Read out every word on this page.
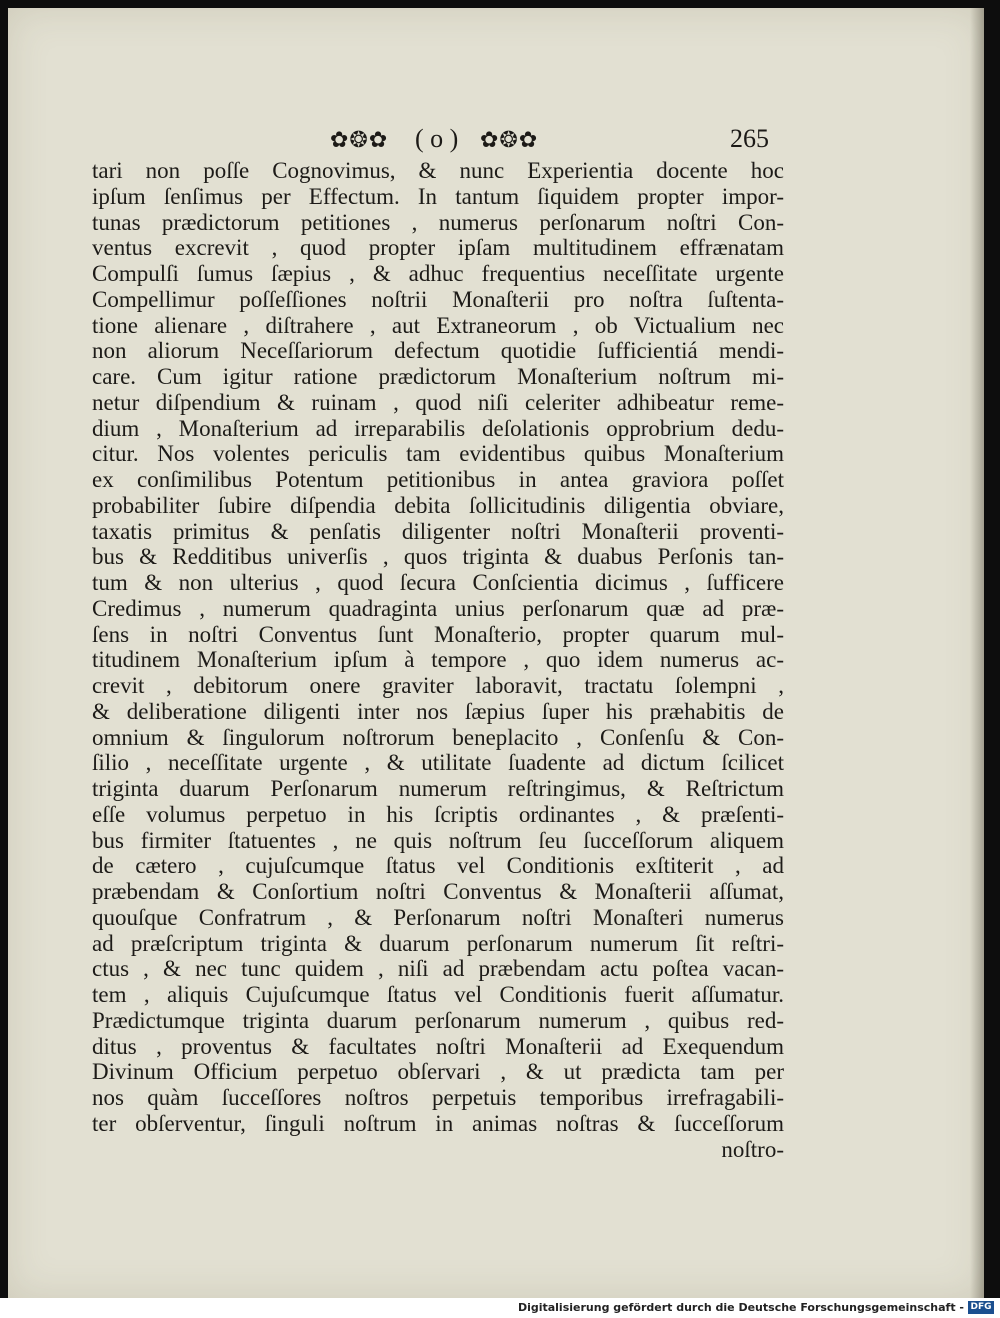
✿❂✿ ( o ) ✿❂✿	265
tari non poſſe Cognovimus, & nunc Experientia docente hoc
ipſum ſenſimus per Effectum. In tantum ſiquidem propter impor-
tunas prædictorum petitiones , numerus perſonarum noſtri Con-
ventus excrevit , quod propter ipſam multitudinem effrænatam
Compulſi ſumus ſæpius , & adhuc frequentius neceſſitate urgente
Compellimur poſſeſſiones noſtrii Monaſterii pro noſtra ſuſtenta-
tione alienare , diſtrahere , aut Extraneorum , ob Victualium nec
non aliorum Neceſſariorum defectum quotidie ſufficientiá mendi-
care. Cum igitur ratione prædictorum Monaſterium noſtrum mi-
netur diſpendium & ruinam , quod niſi celeriter adhibeatur reme-
dium , Monaſterium ad irreparabilis deſolationis opprobrium dedu-
citur. Nos volentes periculis tam evidentibus quibus Monaſterium
ex conſimilibus Potentum petitionibus in antea graviora poſſet
probabiliter ſubire diſpendia debita ſollicitudinis diligentia obviare,
taxatis primitus & penſatis diligenter noſtri Monaſterii proventi-
bus & Redditibus univerſis , quos triginta & duabus Perſonis tan-
tum & non ulterius , quod ſecura Conſcientia dicimus , ſufficere
Credimus , numerum quadraginta unius perſonarum quæ ad præ-
ſens in noſtri Conventus ſunt Monaſterio, propter quarum mul-
titudinem Monaſterium ipſum à tempore , quo idem numerus ac-
crevit , debitorum onere graviter laboravit, tractatu ſolempni ,
& deliberatione diligenti inter nos ſæpius ſuper his præhabitis de
omnium & ſingulorum noſtrorum beneplacito , Conſenſu & Con-
ſilio , neceſſitate urgente , & utilitate ſuadente ad dictum ſcilicet
triginta duarum Perſonarum numerum reſtringimus, & Reſtrictum
eſſe volumus perpetuo in his ſcriptis ordinantes , & præſenti-
bus firmiter ſtatuentes , ne quis noſtrum ſeu ſucceſſorum aliquem
de cætero , cujuſcumque ſtatus vel Conditionis exſtiterit , ad
præbendam & Conſortium noſtri Conventus & Monaſterii aſſumat,
quouſque Confratrum , & Perſonarum noſtri Monaſteri numerus
ad præſcriptum triginta & duarum perſonarum numerum ſit reſtri-
ctus , & nec tunc quidem , niſi ad præbendam actu poſtea vacan-
tem , aliquis Cujuſcumque ſtatus vel Conditionis fuerit aſſumatur.
Prædictumque triginta duarum perſonarum numerum , quibus red-
ditus , proventus & facultates noſtri Monaſterii ad Exequendum
Divinum Officium perpetuo obſervari , & ut prædicta tam per
nos quàm ſucceſſores noſtros perpetuis temporibus irrefragabili-
ter obſerventur, ſinguli noſtrum in animas noſtras & ſucceſſorum
noſtro-
Digitalisierung gefördert durch die Deutsche Forschungsgemeinschaft - DFG
